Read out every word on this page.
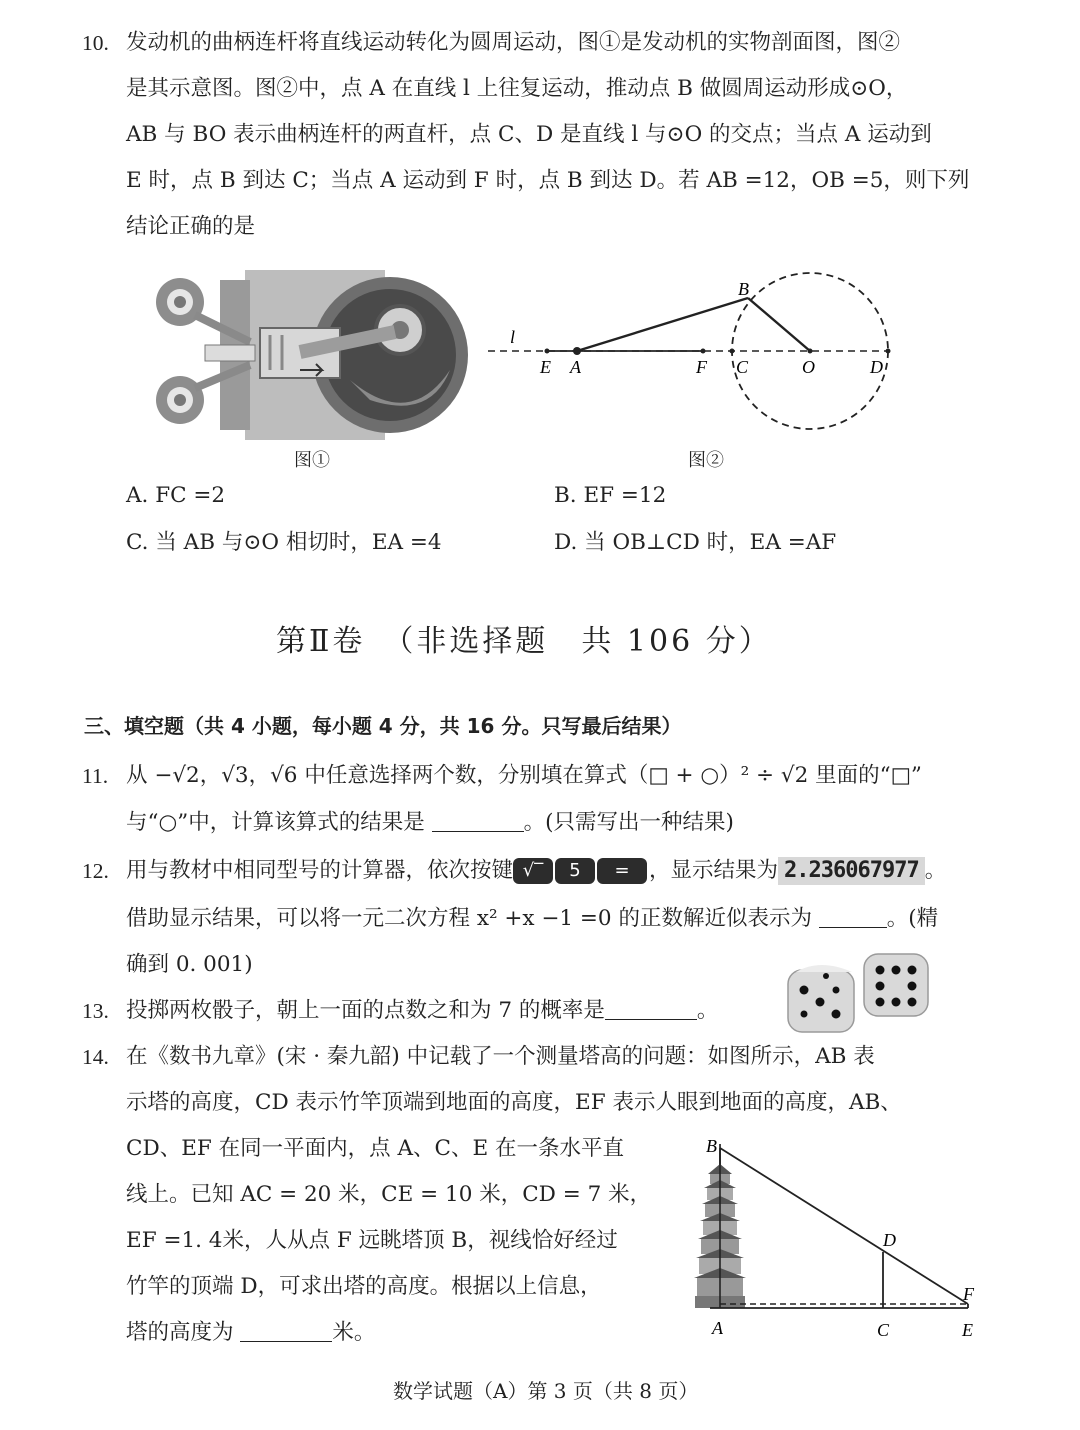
10. 发动机的曲柄连杆将直线运动转化为圆周运动，图①是发动机的实物剖面图，图②
是其示意图。图②中，点 A 在直线 l 上往复运动，推动点 B 做圆周运动形成⊙O，
AB 与 BO 表示曲柄连杆的两直杆，点 C、D 是直线 l 与⊙O 的交点；当点 A 运动到
E 时，点 B 到达 C；当点 A 运动到 F 时，点 B 到达 D。若 AB =12，OB =5，则下列
结论正确的是
B
l
E A	F C	O	D
图①	图②
A. FC =2	B. EF =12
C. 当 AB 与⊙O 相切时，EA =4	D. 当 OB⊥CD 时，EA =AF
第Ⅱ卷　（非选择题　共 106 分）
三、填空题（共 4 小题，每小题 4 分，共 16 分。只写最后结果）
11. 从 −√2，√3，√6 中任意选择两个数，分别填在算式（□ + ○）² ÷ √2 里面的“□”
与“○”中，计算该算式的结果是	。(只需写出一种结果)
12. 用与教材中相同型号的计算器，依次按键 √‾ 5 = ，显示结果为 2.236067977 。
借助显示结果，可以将一元二次方程 x² +x −1 =0 的正数解近似表示为	。(精
确到 0. 001)
13. 投掷两枚骰子，朝上一面的点数之和为 7 的概率是	。
14. 在《数书九章》(宋 · 秦九韶) 中记载了一个测量塔高的问题：如图所示，AB 表
示塔的高度，CD 表示竹竿顶端到地面的高度，EF 表示人眼到地面的高度，AB、
CD、EF 在同一平面内，点 A、C、E 在一条水平直
线上。已知 AC = 20 米，CE = 10 米，CD = 7 米，
EF =1. 4米，人从点 F 远眺塔顶 B，视线恰好经过
竹竿的顶端 D，可求出塔的高度。根据以上信息，
塔的高度为	米。
B
D
F
A	C	E
数学试题（A）第 3 页（共 8 页）
